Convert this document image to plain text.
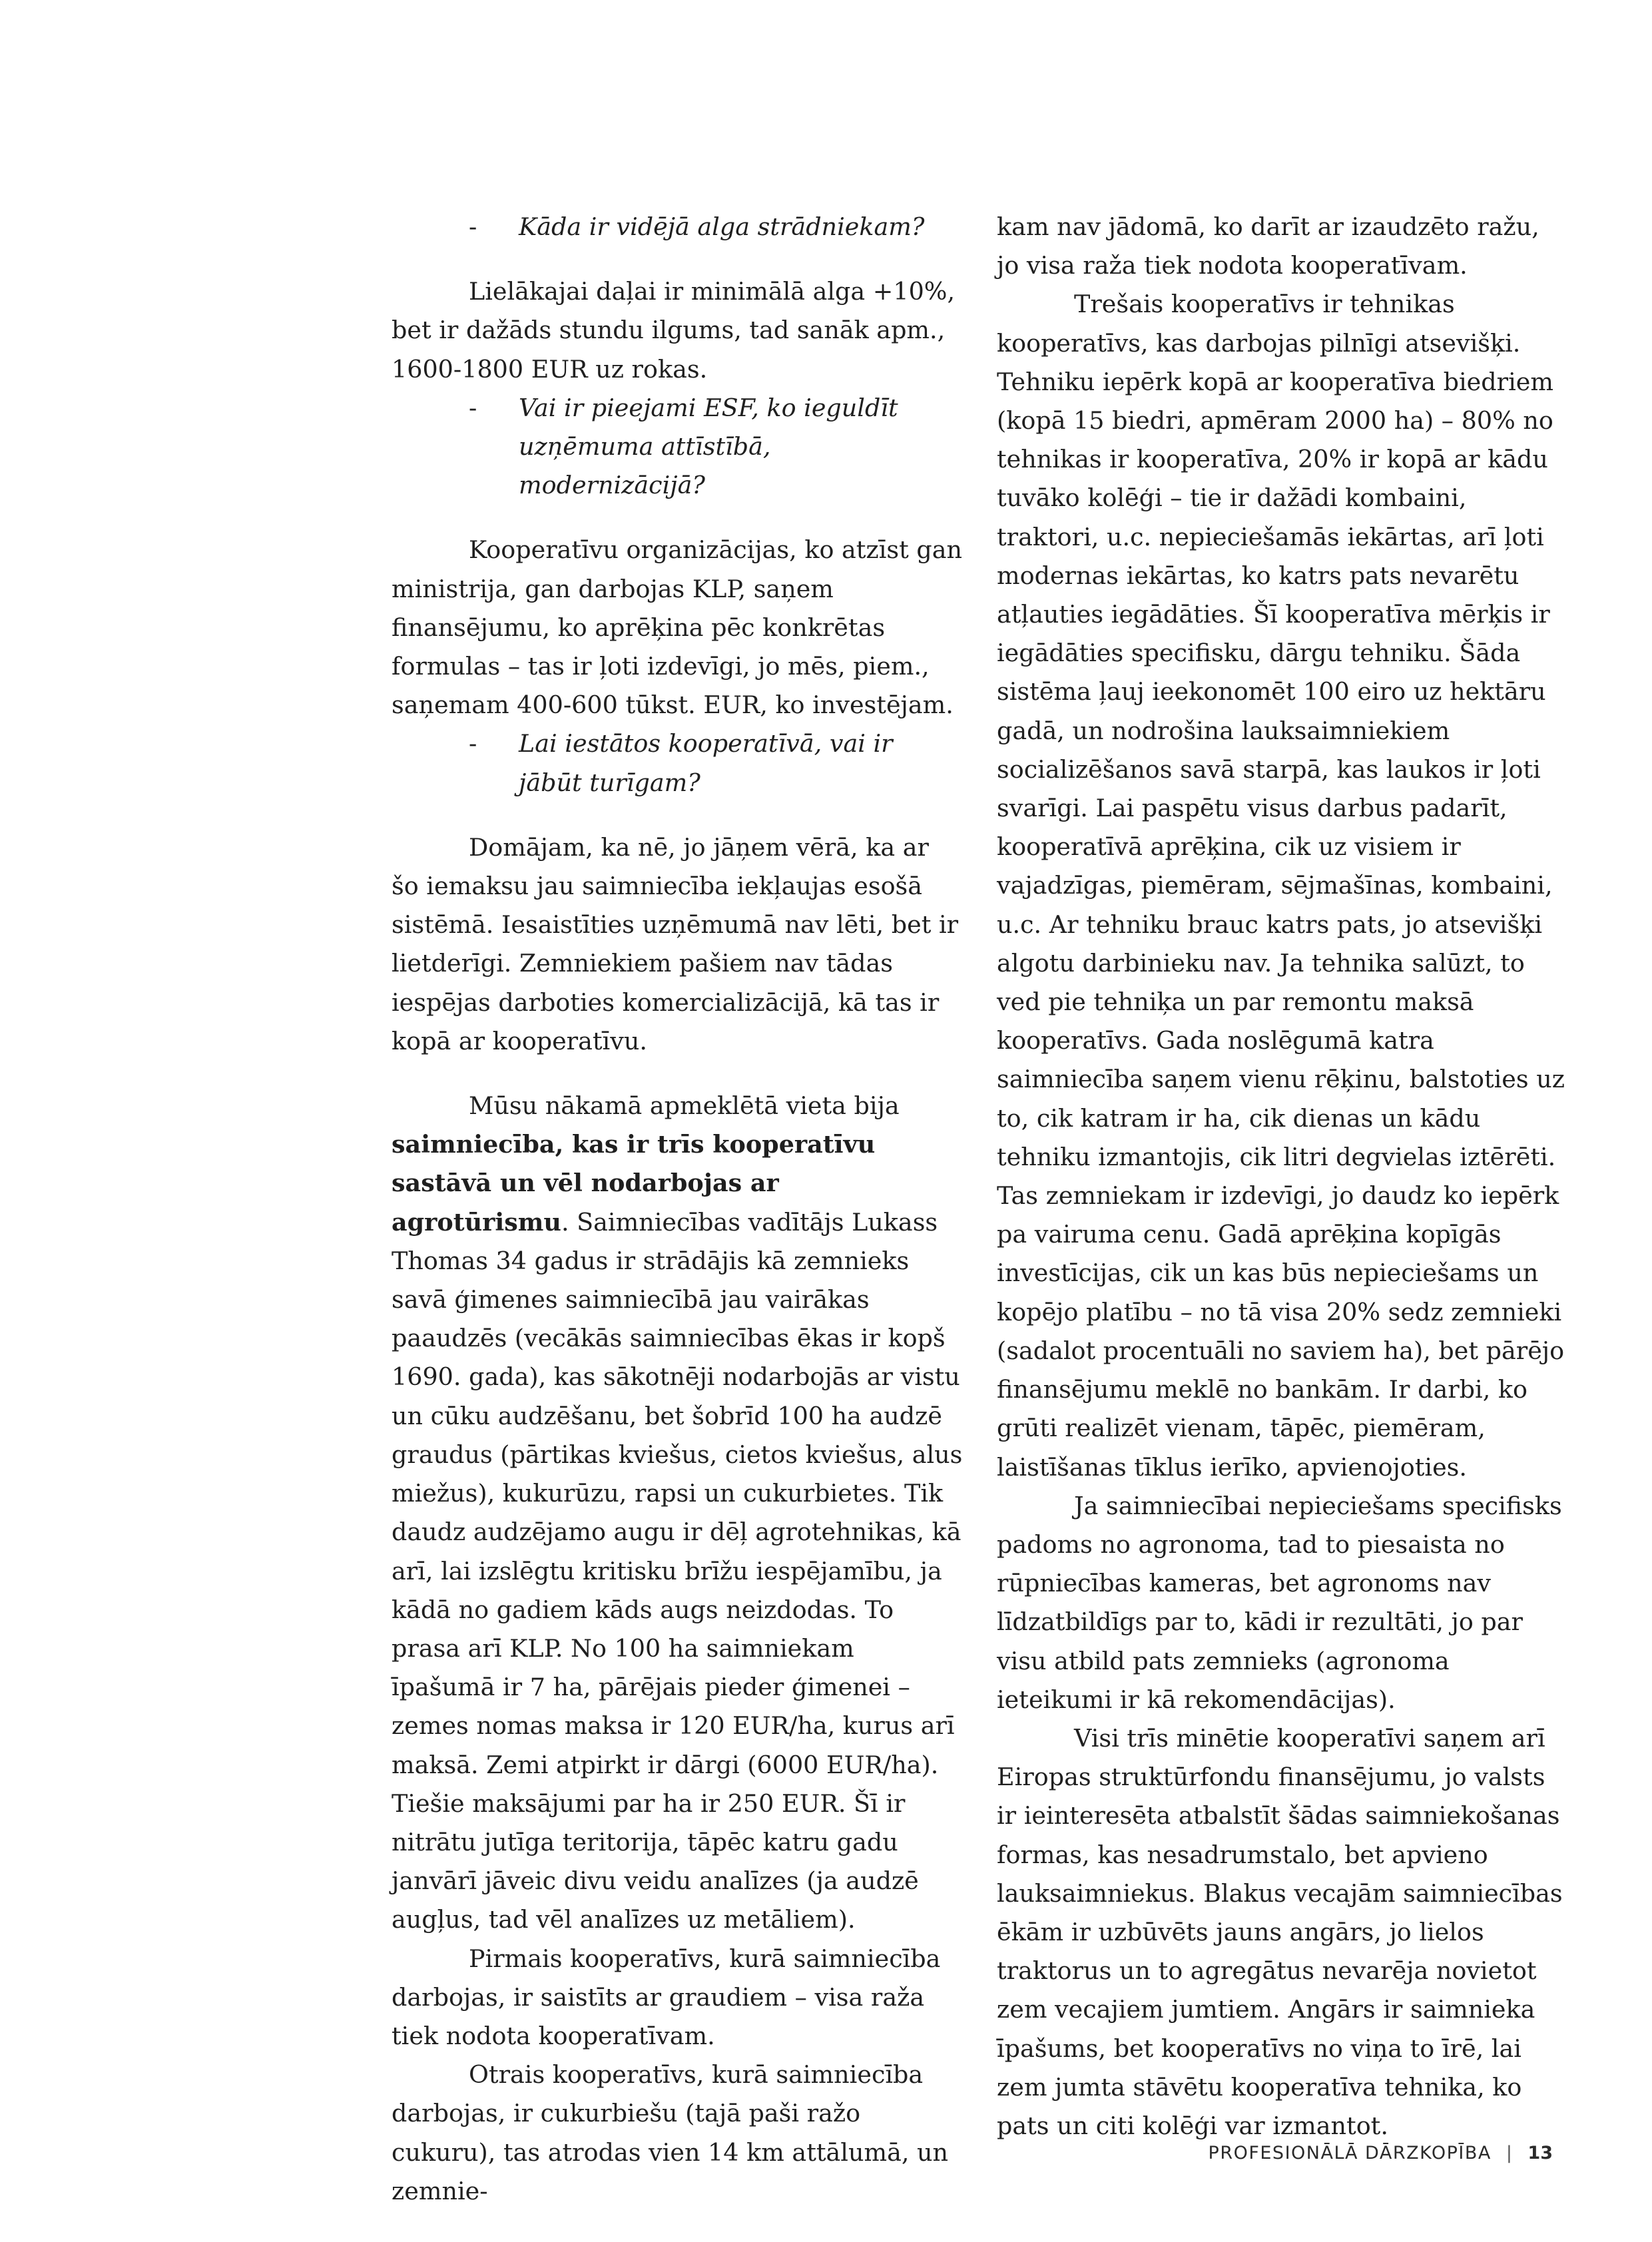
- Kāda ir vidējā alga strādniekam?

Lielākajai daļai ir minimālā alga +10%, bet ir dažāds stundu ilgums, tad sanāk apm., 1600-1800 EUR uz rokas.

- Vai ir pieejami ESF, ko ieguldīt uzņēmuma attīstībā, modernizācijā?

Kooperatīvu organizācijas, ko atzīst gan ministrija, gan darbojas KLP, saņem finansējumu, ko aprēķina pēc konkrētas formulas – tas ir ļoti izdevīgi, jo mēs, piem., saņemam 400-600 tūkst. EUR, ko investējam.

- Lai iestātos kooperatīvā, vai ir jābūt turīgam?

Domājam, ka nē, jo jāņem vērā, ka ar šo iemaksu jau saimniecība iekļaujas esošā sistēmā. Iesaistīties uzņēmumā nav lēti, bet ir lietderīgi. Zemniekiem pašiem nav tādas iespējas darboties komercializācijā, kā tas ir kopā ar kooperatīvu.

Mūsu nākamā apmeklētā vieta bija saimniecība, kas ir trīs kooperatīvu sastāvā un vēl nodarbojas ar agrotūrismu. Saimniecības vadītājs Lukass Thomas 34 gadus ir strādājis kā zemnieks savā ģimenes saimniecībā jau vairākas paaudzēs (vecākās saimniecības ēkas ir kopš 1690. gada), kas sākotnēji nodarbojās ar vistu un cūku audzēšanu, bet šobrīd 100 ha audzē graudus (pārtikas kviešus, cietos kviešus, alus miežus), kukurūzu, rapsi un cukurbietes. Tik daudz audzējamo augu ir dēļ agrotehnikas, kā arī, lai izslēgtu kritisku brīžu iespējamību, ja kādā no gadiem kāds augs neizdodas. To prasa arī KLP. No 100 ha saimniekam īpašumā ir 7 ha, pārējais pieder ģimenei – zemes nomas maksa ir 120 EUR/ha, kurus arī maksā. Zemi atpirkt ir dārgi (6000 EUR/ha). Tiešie maksājumi par ha ir 250 EUR. Šī ir nitrātu jutīga teritorija, tāpēc katru gadu janvārī jāveic divu veidu analīzes (ja audzē augļus, tad vēl analīzes uz metāliem).

Pirmais kooperatīvs, kurā saimniecība darbojas, ir saistīts ar graudiem – visa raža tiek nodota kooperatīvam.

Otrais kooperatīvs, kurā saimniecība darbojas, ir cukurbiešu (tajā paši ražo cukuru), tas atrodas vien 14 km attālumā, un zemnie-

kam nav jādomā, ko darīt ar izaudzēto ražu, jo visa raža tiek nodota kooperatīvam.

Trešais kooperatīvs ir tehnikas kooperatīvs, kas darbojas pilnīgi atsevišķi. Tehniku iepērk kopā ar kooperatīva biedriem (kopā 15 biedri, apmēram 2000 ha) – 80% no tehnikas ir kooperatīva, 20% ir kopā ar kādu tuvāko kolēģi – tie ir dažādi kombaini, traktori, u.c. nepieciešamās iekārtas, arī ļoti modernas iekārtas, ko katrs pats nevarētu atļauties iegādāties. Šī kooperatīva mērķis ir iegādāties specifisku, dārgu tehniku. Šāda sistēma ļauj ieekonomēt 100 eiro uz hektāru gadā, un nodrošina lauksaimniekiem socializēšanos savā starpā, kas laukos ir ļoti svarīgi. Lai paspētu visus darbus padarīt, kooperatīvā aprēķina, cik uz visiem ir vajadzīgas, piemēram, sējmašīnas, kombaini, u.c. Ar tehniku brauc katrs pats, jo atsevišķi algotu darbinieku nav. Ja tehnika salūzt, to ved pie tehniķa un par remontu maksā kooperatīvs. Gada noslēgumā katra saimniecība saņem vienu rēķinu, balstoties uz to, cik katram ir ha, cik dienas un kādu tehniku izmantojis, cik litri degvielas iztērēti. Tas zemniekam ir izdevīgi, jo daudz ko iepērk pa vairuma cenu. Gadā aprēķina kopīgās investīcijas, cik un kas būs nepieciešams un kopējo platību – no tā visa 20% sedz zemnieki (sadalot procentuāli no saviem ha), bet pārējo finansējumu meklē no bankām. Ir darbi, ko grūti realizēt vienam, tāpēc, piemēram, laistīšanas tīklus ierīko, apvienojoties.

Ja saimniecībai nepieciešams specifisks padoms no agronoma, tad to piesaista no rūpniecības kameras, bet agronoms nav līdzatbildīgs par to, kādi ir rezultāti, jo par visu atbild pats zemnieks (agronoma ieteikumi ir kā rekomendācijas).

Visi trīs minētie kooperatīvi saņem arī Eiropas struktūrfondu finansējumu, jo valsts ir ieinteresēta atbalstīt šādas saimniekošanas formas, kas nesadrumstalo, bet apvieno lauksaimniekus. Blakus vecajām saimniecības ēkām ir uzbūvēts jauns angārs, jo lielos traktorus un to agregātus nevarēja novietot zem vecajiem jumtiem. Angārs ir saimnieka īpašums, bet kooperatīvs no viņa to īrē, lai zem jumta stāvētu kooperatīva tehnika, ko pats un citi kolēģi var izmantot.

PROFESIONĀLĀ DĀRZKOPĪBA | 13
